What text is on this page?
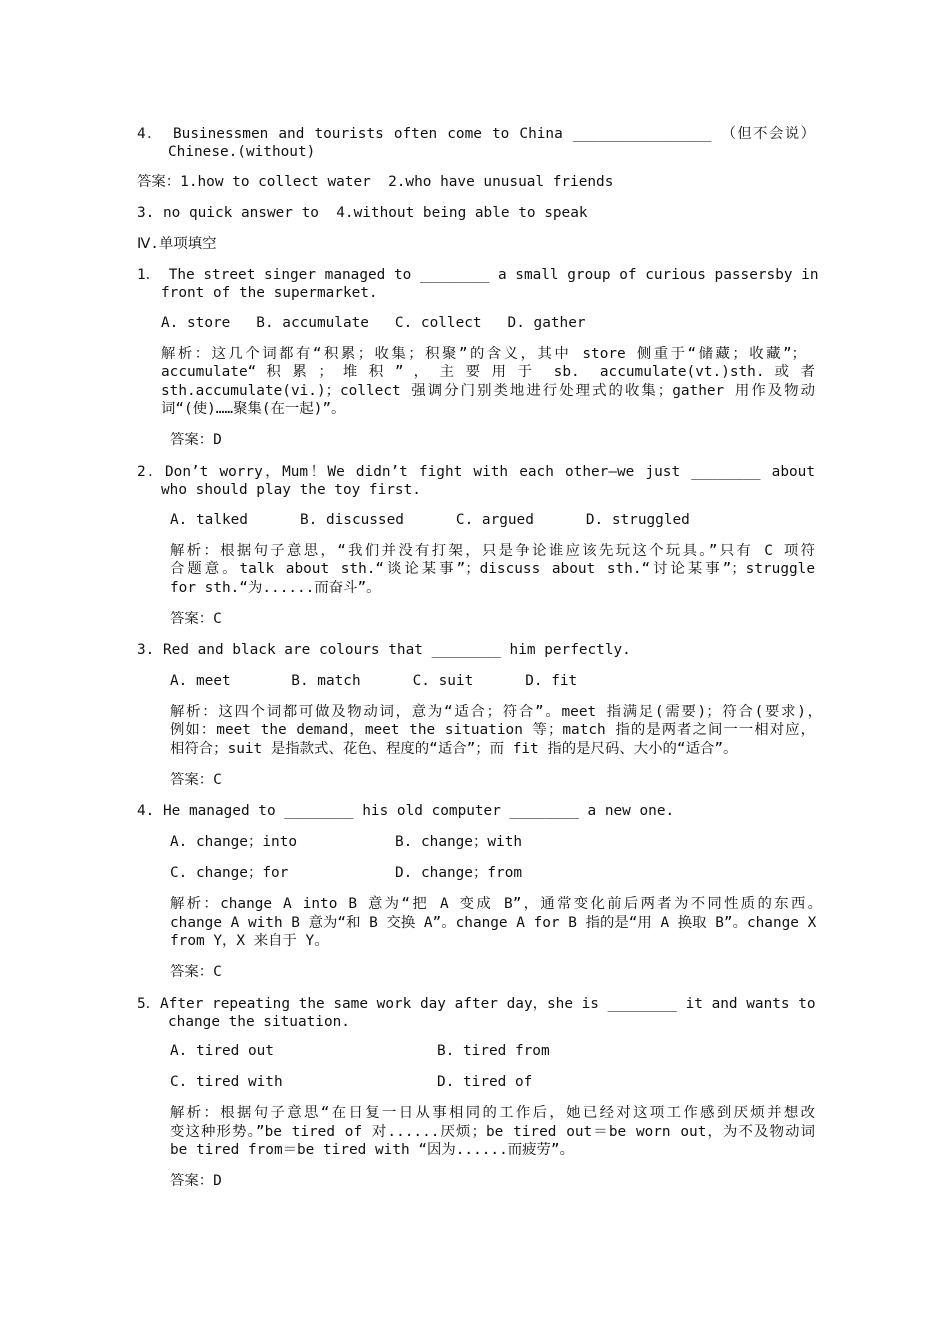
4． Businessmen and tourists often come to China ________________ （但不会说）
Chinese.(without)
答案：1.how to collect water  2.who have unusual friends
3. no quick answer to  4.without being able to speak
Ⅳ.单项填空
1． The street singer managed to ________ a small group of curious passersby in
front of the supermarket.
A. store   B. accumulate   C. collect   D. gather
解析：这几个词都有“积累；收集；积聚”的含义，其中 store 侧重于“储藏；收藏”；
accumulate“ 积 累 ； 堆 积 ” ， 主 要 用 于  sb.  accumulate(vt.)sth. 或 者
sth.accumulate(vi.)；collect 强调分门别类地进行处理式的收集；gather 用作及物动
词“(使)……聚集(在一起)”。
答案：D
2．Don’t worry，Mum！We didn’t fight with each other—we just ________ about
who should play the toy first.
A. talked      B. discussed      C. argued      D. struggled
解析：根据句子意思，“我们并没有打架，只是争论谁应该先玩这个玩具。”只有 C 项符
合题意。talk about sth.“谈论某事”；discuss about sth.“讨论某事”；struggle
for sth.“为......而奋斗”。
答案：C
3. Red and black are colours that ________ him perfectly.
A. meet       B. match      C. suit      D. fit
解析：这四个词都可做及物动词，意为“适合；符合”。meet 指满足(需要)；符合(要求)，
例如：meet the demand，meet the situation 等；match 指的是两者之间一一相对应，
相符合；suit 是指款式、花色、程度的“适合”；而 fit 指的是尺码、大小的“适合”。
答案：C
4. He managed to ________ his old computer ________ a new one.
A. change；into	B. change；with
C. change；for	D. change；from
解析：change A into B 意为“把 A 变成 B”，通常变化前后两者为不同性质的东西。
change A with B 意为“和 B 交换 A”。change A for B 指的是“用 A 换取 B”。change X
from Y，X 来自于 Y。
答案：C
5．After repeating the same work day after day，she is ________ it and wants to
change the situation.
A. tired out	B. tired from
C. tired with	D. tired of
解析：根据句子意思“在日复一日从事相同的工作后，她已经对这项工作感到厌烦并想改
变这种形势。”be tired of 对......厌烦；be tired out＝be worn out，为不及物动词
be tired from＝be tired with “因为......而疲劳”。
答案：D
